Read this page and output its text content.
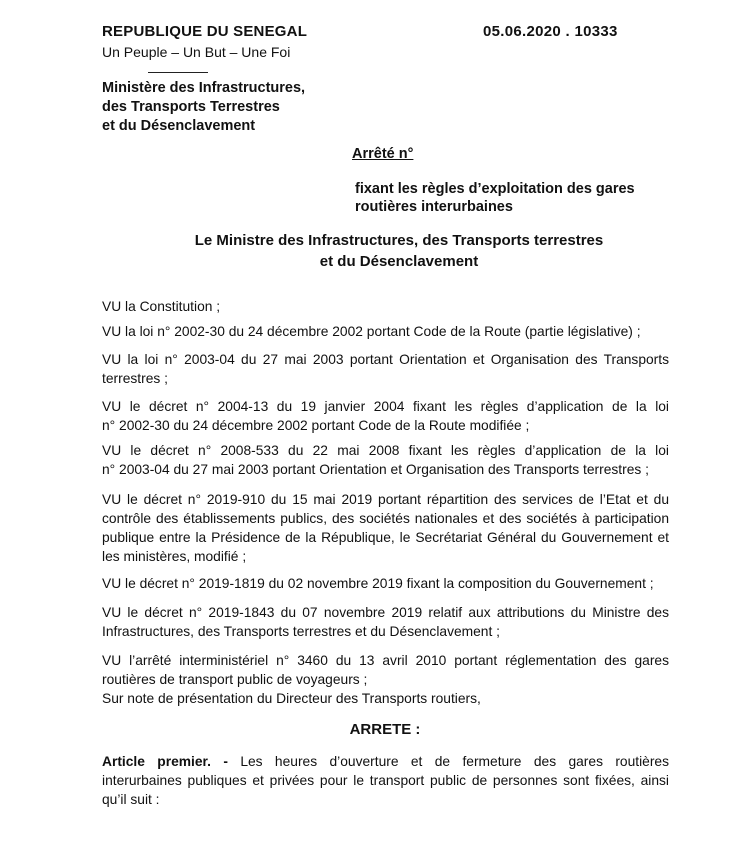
REPUBLIQUE DU SENEGAL
Un Peuple – Un But – Une Foi
05.06.2020 . 10333
Ministère des Infrastructures,
des Transports Terrestres
et du Désenclavement
Arrêté n°
fixant les règles d’exploitation des gares
routières interurbaines
Le Ministre des Infrastructures, des Transports terrestres
et du Désenclavement
VU la Constitution ;
VU la loi n° 2002-30 du 24 décembre 2002 portant Code de la Route (partie législative) ;
VU la loi n° 2003-04 du 27 mai 2003 portant Orientation et Organisation des Transports
terrestres ;
VU le décret n° 2004-13 du 19 janvier 2004 fixant les règles d’application de la loi
n° 2002-30 du 24 décembre 2002 portant Code de la Route modifiée ;
VU le décret n° 2008-533 du 22 mai 2008 fixant les règles d’application de la loi
n° 2003-04 du 27 mai 2003 portant Orientation et Organisation des Transports terrestres ;
VU le décret n° 2019-910 du 15 mai 2019 portant répartition des services de l’Etat et du
contrôle des établissements publics, des sociétés nationales et des sociétés à participation
publique entre la Présidence de la République, le Secrétariat Général du Gouvernement et
les ministères, modifié ;
VU le décret n° 2019-1819 du 02 novembre 2019 fixant la composition du Gouvernement ;
VU le décret n° 2019-1843 du 07 novembre 2019 relatif aux attributions du Ministre des
Infrastructures, des Transports terrestres et du Désenclavement ;
VU l’arrêté interministériel n° 3460 du 13 avril 2010 portant réglementation des gares
routières de transport public de voyageurs ;
Sur note de présentation du Directeur des Transports routiers,
ARRETE :
Article premier. - Les heures d’ouverture et de fermeture des gares routières
interurbaines publiques et privées pour le transport public de personnes sont fixées, ainsi
qu’il suit :
